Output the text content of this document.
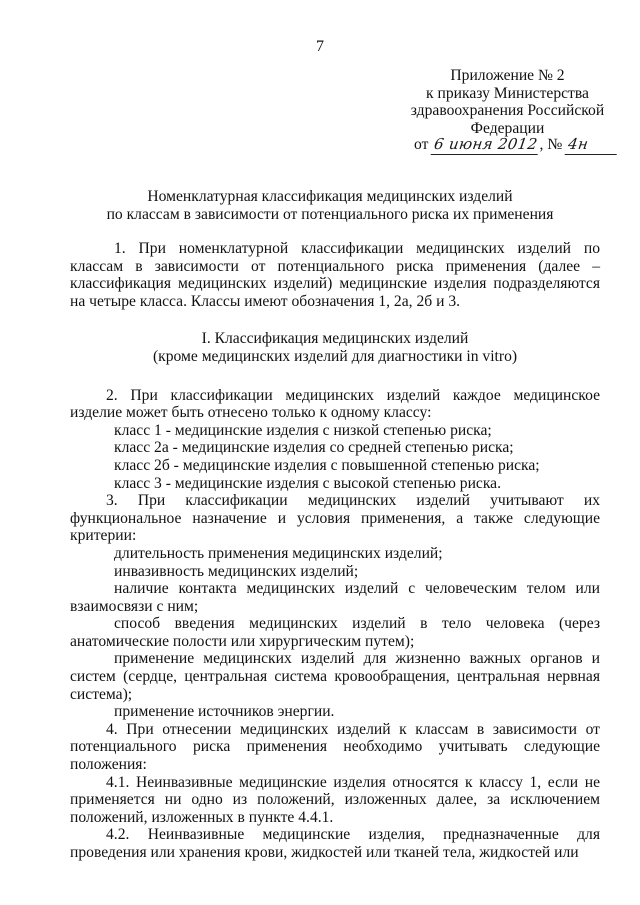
7
Приложение № 2
к приказу Министерства
здравоохранения Российской
Федерации
от 6 июня 2012, № 4н
Номенклатурная классификация медицинских изделий
по классам в зависимости от потенциального риска их применения

1. При номенклатурной классификации медицинских изделий по классам в зависимости от потенциального риска применения (далее – классификация медицинских изделий) медицинские изделия подразделяются на четыре класса. Классы имеют обозначения 1, 2а, 2б и 3.

I. Классификация медицинских изделий
(кроме медицинских изделий для диагностики in vitro)

2. При классификации медицинских изделий каждое медицинское изделие может быть отнесено только к одному классу:

класс 1 - медицинские изделия с низкой степенью риска;

класс 2а - медицинские изделия со средней степенью риска;

класс 2б - медицинские изделия с повышенной степенью риска;

класс 3 - медицинские изделия с высокой степенью риска.

3. При классификации медицинских изделий учитывают их функциональное назначение и условия применения, а также следующие критерии:

длительность применения медицинских изделий;

инвазивность медицинских изделий;

наличие контакта медицинских изделий с человеческим телом или взаимосвязи с ним;

способ введения медицинских изделий в тело человека (через анатомические полости или хирургическим путем);

применение медицинских изделий для жизненно важных органов и систем (сердце, центральная система кровообращения, центральная нервная система);

применение источников энергии.

4. При отнесении медицинских изделий к классам в зависимости от потенциального риска применения необходимо учитывать следующие положения:

4.1. Неинвазивные медицинские изделия относятся к классу 1, если не применяется ни одно из положений, изложенных далее, за исключением положений, изложенных в пункте 4.4.1.

4.2. Неинвазивные медицинские изделия, предназначенные для проведения или хранения крови, жидкостей или тканей тела, жидкостей или
